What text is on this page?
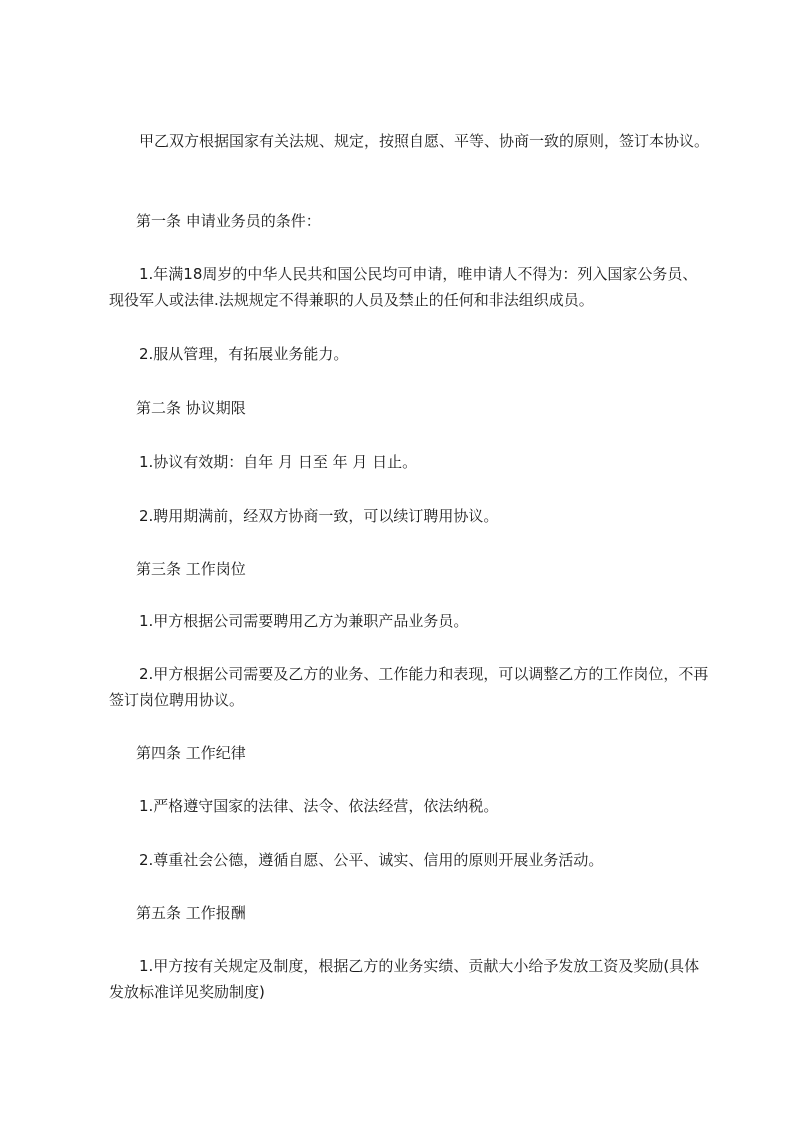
　　甲乙双方根据国家有关法规、规定，按照自愿、平等、协商一致的原则，签订本协议。

第一条 申请业务员的条件：

　　1.年满18周岁的中华人民共和国公民均可申请，唯申请人不得为：列入国家公务员、现役军人或法律.法规规定不得兼职的人员及禁止的任何和非法组织成员。

　　2.服从管理，有拓展业务能力。

第二条 协议期限

　　1.协议有效期：自年 月 日至 年 月 日止。

　　2.聘用期满前，经双方协商一致，可以续订聘用协议。

第三条 工作岗位

　　1.甲方根据公司需要聘用乙方为兼职产品业务员。

　　2.甲方根据公司需要及乙方的业务、工作能力和表现，可以调整乙方的工作岗位，不再签订岗位聘用协议。

第四条 工作纪律

　　1.严格遵守国家的法律、法令、依法经营，依法纳税。

　　2.尊重社会公德，遵循自愿、公平、诚实、信用的原则开展业务活动。

第五条 工作报酬

　　1.甲方按有关规定及制度，根据乙方的业务实绩、贡献大小给予发放工资及奖励(具体发放标准详见奖励制度)
